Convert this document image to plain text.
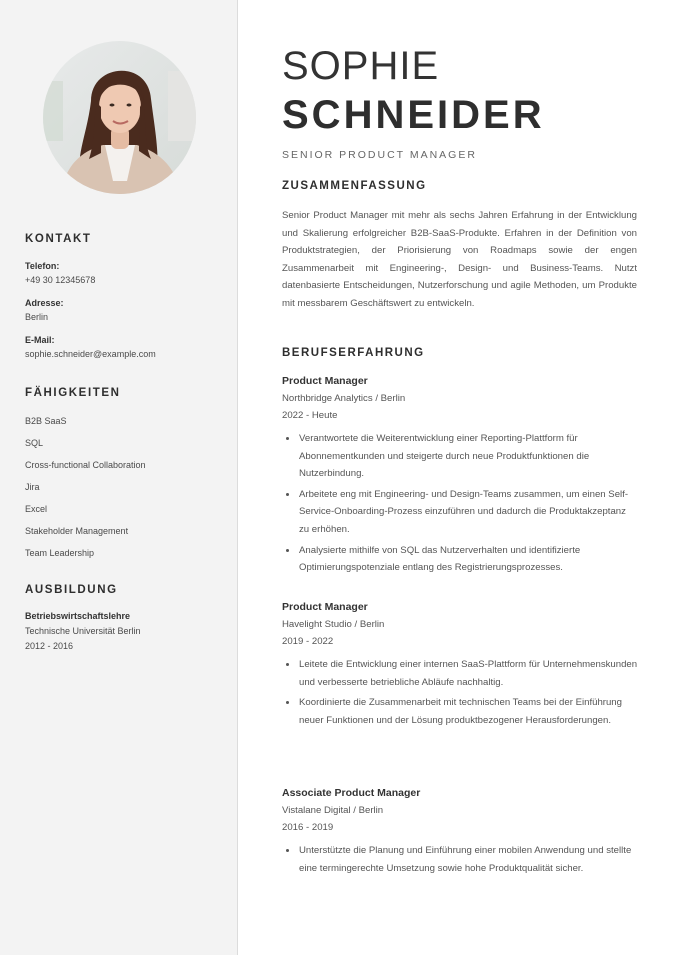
KONTAKT
Telefon:
+49 30 12345678
Adresse:
Berlin
E-Mail:
sophie.schneider@example.com
FÄHIGKEITEN
B2B SaaS
SQL
Cross-functional Collaboration
Jira
Excel
Stakeholder Management
Team Leadership
AUSBILDUNG
Betriebswirtschaftslehre
Technische Universität Berlin
2012 - 2016
SOPHIE
SCHNEIDER
SENIOR PRODUCT MANAGER
ZUSAMMENFASSUNG
Senior Product Manager mit mehr als sechs Jahren Erfahrung in der Entwicklung und Skalierung erfolgreicher B2B-SaaS-Produkte. Erfahren in der Definition von Produktstrategien, der Priorisierung von Roadmaps sowie der engen Zusammenarbeit mit Engineering-, Design- und Business-Teams. Nutzt datenbasierte Entscheidungen, Nutzerforschung und agile Methoden, um Produkte mit messbarem Geschäftswert zu entwickeln.
BERUFSERFAHRUNG
Product Manager
Northbridge Analytics / Berlin
2022 - Heute
Verantwortete die Weiterentwicklung einer Reporting-Plattform für Abonnementkunden und steigerte durch neue Produktfunktionen die Nutzerbindung.
Arbeitete eng mit Engineering- und Design-Teams zusammen, um einen Self-Service-Onboarding-Prozess einzuführen und dadurch die Produktakzeptanz zu erhöhen.
Analysierte mithilfe von SQL das Nutzerverhalten und identifizierte Optimierungspotenziale entlang des Registrierungsprozesses.
Product Manager
Havelight Studio / Berlin
2019 - 2022
Leitete die Entwicklung einer internen SaaS-Plattform für Unternehmenskunden und verbesserte betriebliche Abläufe nachhaltig.
Koordinierte die Zusammenarbeit mit technischen Teams bei der Einführung neuer Funktionen und der Lösung produktbezogener Herausforderungen.
Associate Product Manager
Vistalane Digital / Berlin
2016 - 2019
Unterstützte die Planung und Einführung einer mobilen Anwendung und stellte eine termingerechte Umsetzung sowie hohe Produktqualität sicher.
